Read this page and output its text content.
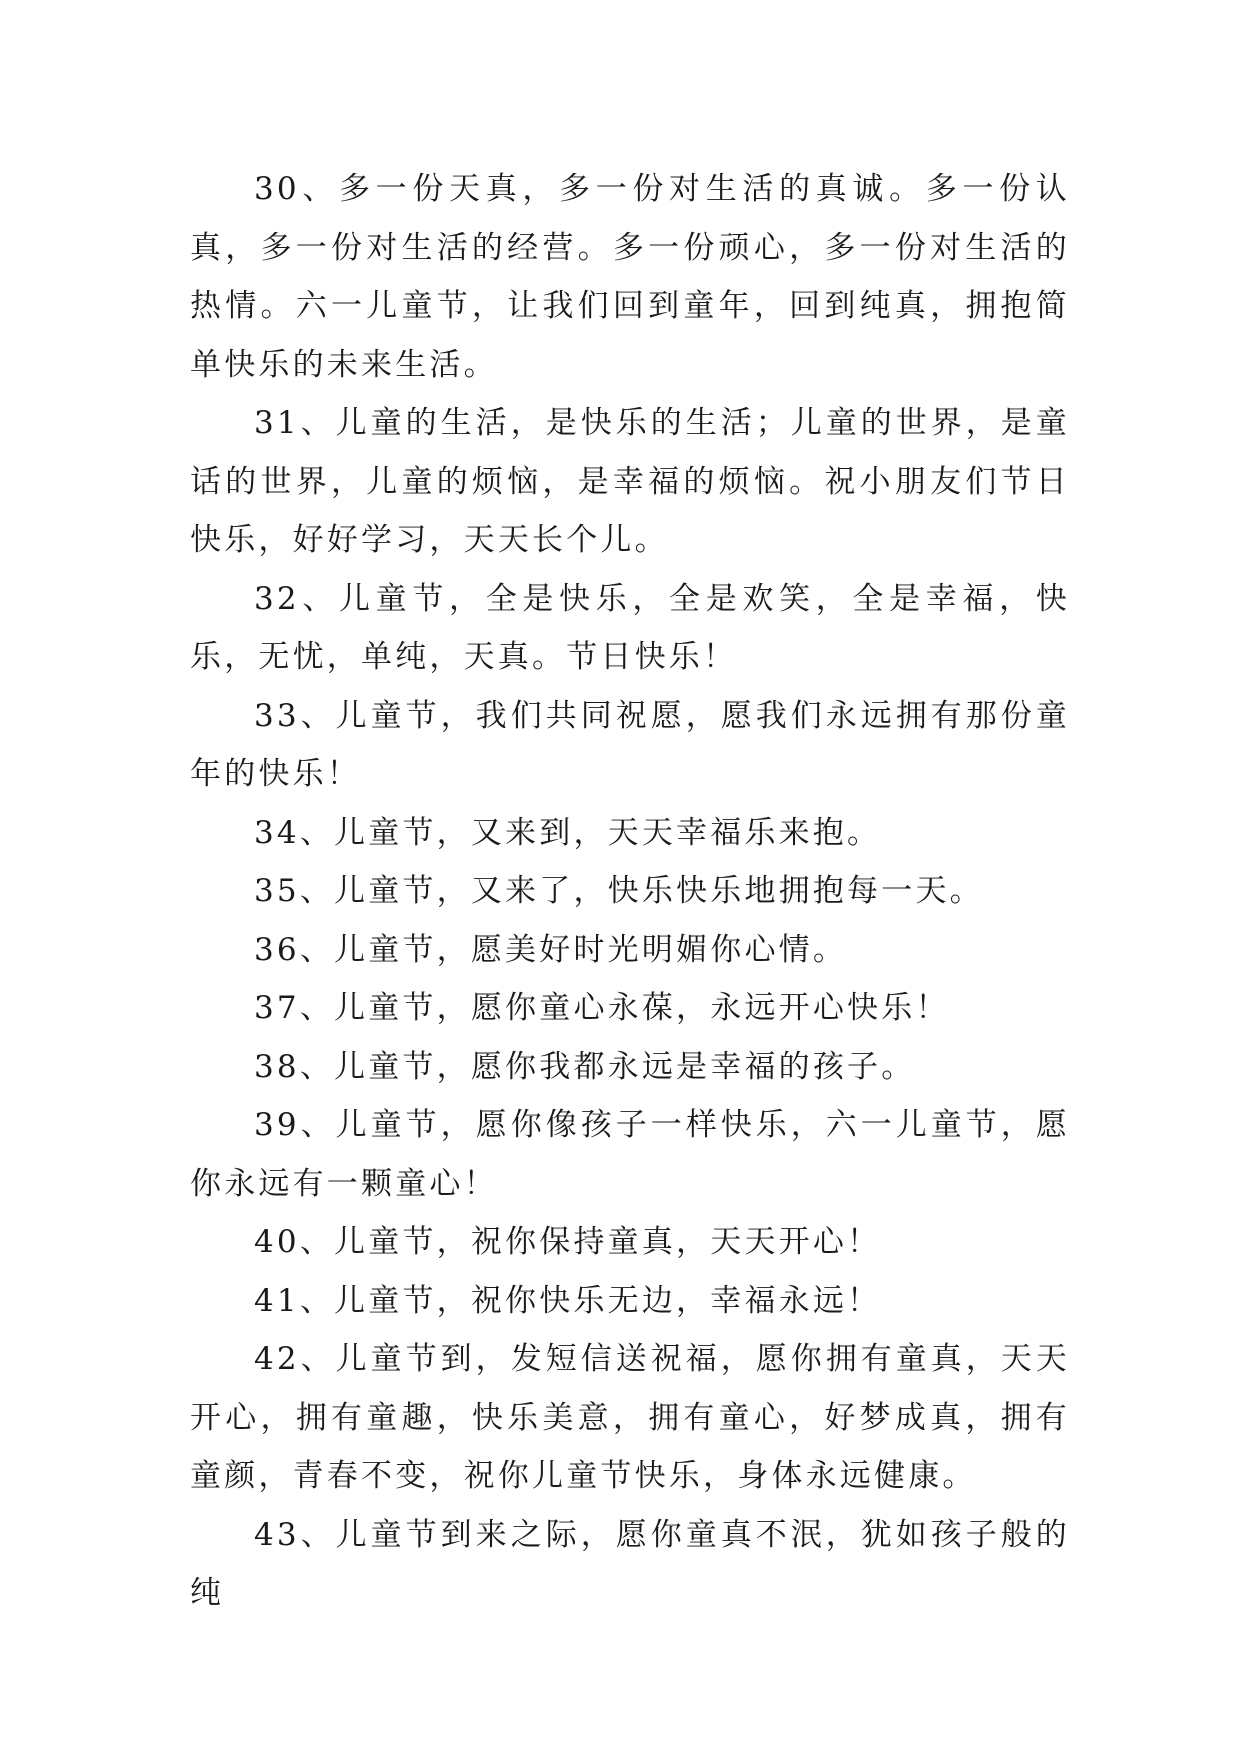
30、多一份天真，多一份对生活的真诚。多一份认真，多一份对生活的经营。多一份顽心，多一份对生活的热情。六一儿童节，让我们回到童年，回到纯真，拥抱简单快乐的未来生活。

31、儿童的生活，是快乐的生活；儿童的世界，是童话的世界，儿童的烦恼，是幸福的烦恼。祝小朋友们节日快乐，好好学习，天天长个儿。

32、儿童节，全是快乐，全是欢笑，全是幸福，快乐，无忧，单纯，天真。节日快乐！

33、儿童节，我们共同祝愿，愿我们永远拥有那份童年的快乐！

34、儿童节，又来到，天天幸福乐来抱。

35、儿童节，又来了，快乐快乐地拥抱每一天。

36、儿童节，愿美好时光明媚你心情。

37、儿童节，愿你童心永葆，永远开心快乐！

38、儿童节，愿你我都永远是幸福的孩子。

39、儿童节，愿你像孩子一样快乐，六一儿童节，愿你永远有一颗童心！

40、儿童节，祝你保持童真，天天开心！

41、儿童节，祝你快乐无边，幸福永远！

42、儿童节到，发短信送祝福，愿你拥有童真，天天开心，拥有童趣，快乐美意，拥有童心，好梦成真，拥有童颜，青春不变，祝你儿童节快乐，身体永远健康。

43、儿童节到来之际，愿你童真不泯，犹如孩子般的纯
